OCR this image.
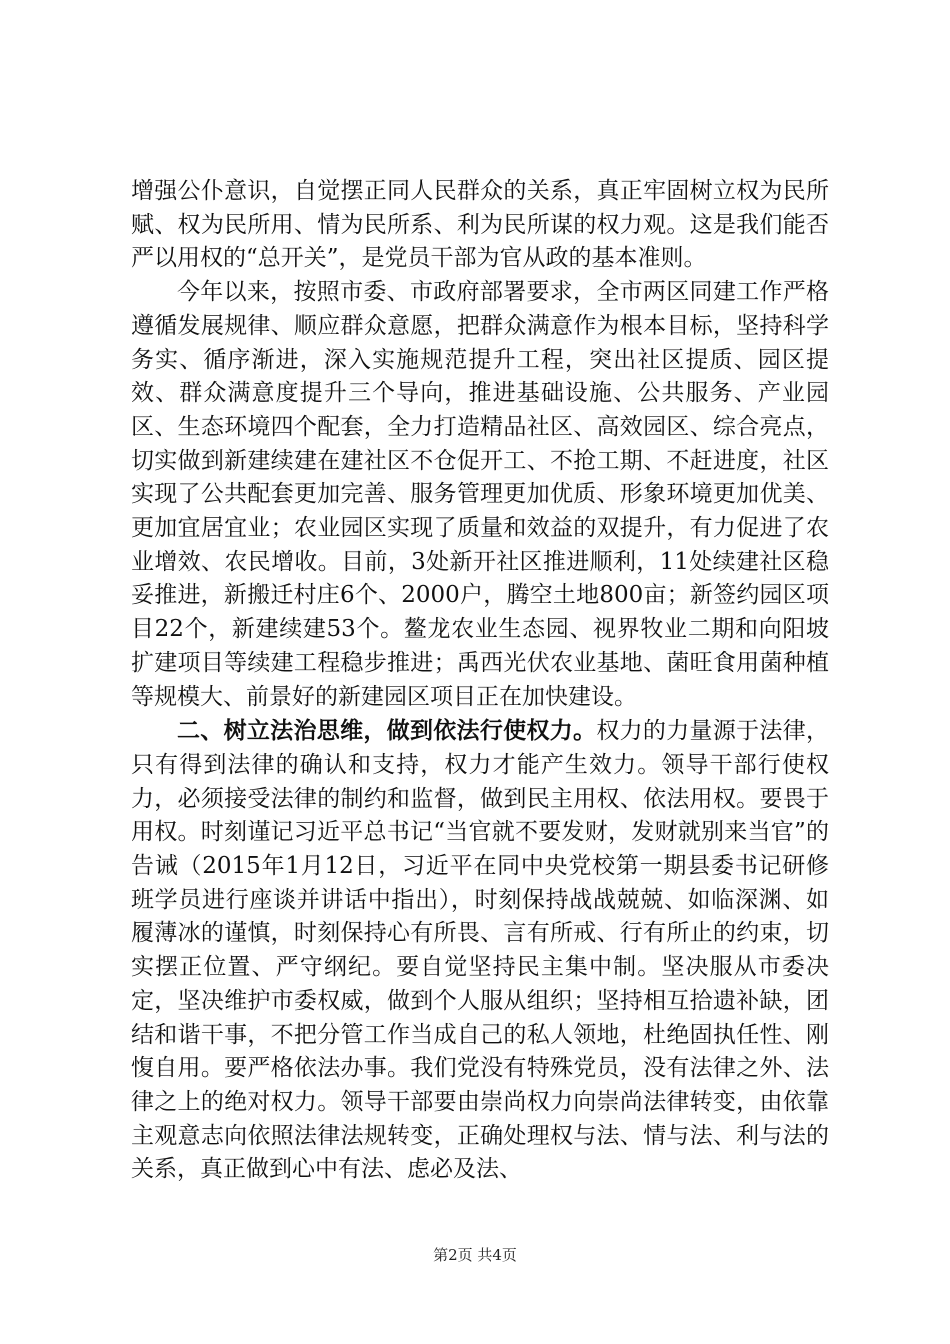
增强公仆意识，自觉摆正同人民群众的关系，真正牢固树立权为民所赋、权为民所用、情为民所系、利为民所谋的权力观。这是我们能否严以用权的“总开关”，是党员干部为官从政的基本准则。

今年以来，按照市委、市政府部署要求，全市两区同建工作严格遵循发展规律、顺应群众意愿，把群众满意作为根本目标，坚持科学务实、循序渐进，深入实施规范提升工程，突出社区提质、园区提效、群众满意度提升三个导向，推进基础设施、公共服务、产业园区、生态环境四个配套，全力打造精品社区、高效园区、综合亮点，切实做到新建续建在建社区不仓促开工、不抢工期、不赶进度，社区实现了公共配套更加完善、服务管理更加优质、形象环境更加优美、更加宜居宜业；农业园区实现了质量和效益的双提升，有力促进了农业增效、农民增收。目前，3处新开社区推进顺利，11处续建社区稳妥推进，新搬迁村庄6个、2000户，腾空土地800亩；新签约园区项目22个，新建续建53个。鳌龙农业生态园、视界牧业二期和向阳坡扩建项目等续建工程稳步推进；禹西光伏农业基地、菌旺食用菌种植等规模大、前景好的新建园区项目正在加快建设。

二、树立法治思维，做到依法行使权力。权力的力量源于法律，只有得到法律的确认和支持，权力才能产生效力。领导干部行使权力，必须接受法律的制约和监督，做到民主用权、依法用权。要畏于用权。时刻谨记习近平总书记“当官就不要发财，发财就别来当官”的告诫（2015年1月12日，习近平在同中央党校第一期县委书记研修班学员进行座谈并讲话中指出），时刻保持战战兢兢、如临深渊、如履薄冰的谨慎，时刻保持心有所畏、言有所戒、行有所止的约束，切实摆正位置、严守纲纪。要自觉坚持民主集中制。坚决服从市委决定，坚决维护市委权威，做到个人服从组织；坚持相互拾遗补缺，团结和谐干事，不把分管工作当成自己的私人领地，杜绝固执任性、刚愎自用。要严格依法办事。我们党没有特殊党员，没有法律之外、法律之上的绝对权力。领导干部要由崇尚权力向崇尚法律转变，由依靠主观意志向依照法律法规转变，正确处理权与法、情与法、利与法的关系，真正做到心中有法、虑必及法、

第2页 共4页
